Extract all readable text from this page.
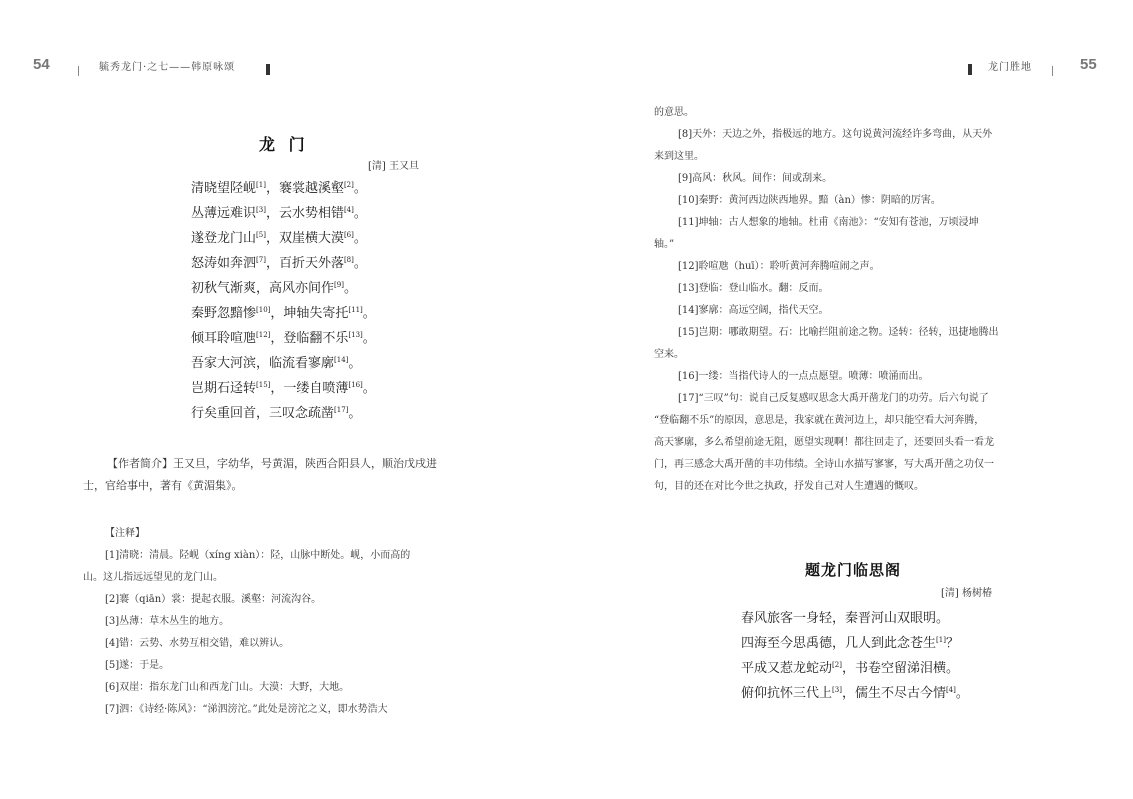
54	毓秀龙门·之七——韩原咏颂	龙门胜地	55
龙 门
[清] 王又旦
清晓望陉岘[1]，褰裳越溪壑[2]。
丛薄远难识[3]，云水势相错[4]。
遂登龙门山[5]，双崖横大漠[6]。
怒涛如奔泗[7]，百折天外落[8]。
初秋气渐爽，高风亦间作[9]。
秦野忽黯惨[10]，坤轴失寄托[11]。
倾耳聆喧虺[12]，登临翻不乐[13]。
吾家大河滨，临流看寥廓[14]。
岂期石迳转[15]，一缕自喷薄[16]。
行矣重回首，三叹念疏凿[17]。
【作者简介】王又旦，字幼华，号黄湄，陕西合阳县人，顺治戊戌进
士，官给事中，著有《黄湄集》。
【注释】
[1]清晓：清晨。陉岘（xíng xiàn）：陉，山脉中断处。岘，小而高的
山。这儿指远远望见的龙门山。
[2]褰（qiān）裳：提起衣服。溪壑：河流沟谷。
[3]丛薄：草木丛生的地方。
[4]错：云势、水势互相交错，难以辨认。
[5]遂：于是。
[6]双崖：指东龙门山和西龙门山。大漠：大野，大地。
[7]泗：《诗经·陈风》：“涕泗滂沱。”此处是滂沱之义，即水势浩大
的意思。
[8]天外：天边之外，指极远的地方。这句说黄河流经许多弯曲，从天外
来到这里。
[9]高风：秋风。间作：间或刮来。
[10]秦野：黄河西边陕西地界。黯（àn）惨：阴暗的厉害。
[11]坤轴：古人想象的地轴。杜甫《南池》：“安知有苍池，万顷浸坤
轴。”
[12]聆喧虺（huī）：聆听黄河奔腾喧闹之声。
[13]登临：登山临水。翻：反而。
[14]寥廓：高远空阔，指代天空。
[15]岂期：哪敢期望。石：比喻拦阻前途之物。迳转：径转，迅捷地腾出
空来。
[16]一缕：当指代诗人的一点点愿望。喷薄：喷涌而出。
[17]“三叹”句：说自己反复感叹思念大禹开凿龙门的功劳。后六句说了
“登临翻不乐”的原因，意思是，我家就在黄河边上，却只能空看大河奔腾，
高天寥廓，多么希望前途无阻，愿望实现啊！都往回走了，还要回头看一看龙
门，再三感念大禹开凿的丰功伟绩。全诗山水描写寥寥，写大禹开凿之功仅一
句，目的还在对比今世之执政，抒发自己对人生遭遇的慨叹。
题龙门临思阁
[清] 杨树椿
春风旅客一身轻，秦晋河山双眼明。
四海至今思禹德，几人到此念苍生[1]？
平成又惹龙蛇动[2]，书卷空留涕泪横。
俯仰抗怀三代上[3]，儒生不尽古今情[4]。
